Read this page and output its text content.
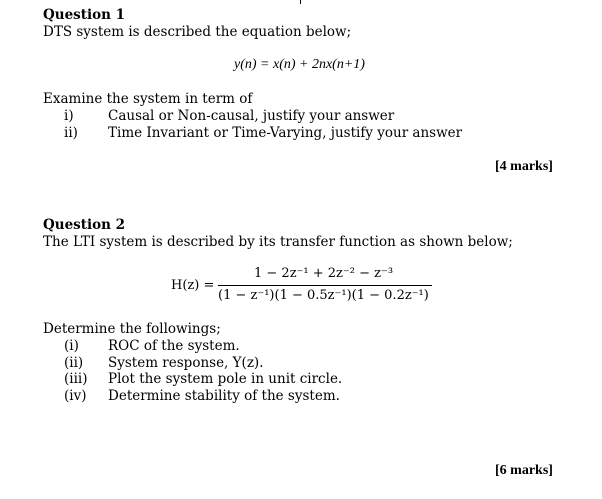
Question 1
DTS system is described the equation below;
y(n) = x(n) + 2nx(n+1)
Examine the system in term of
i)	Causal or Non-causal, justify your answer
ii) Time Invariant or Time-Varying, justify your answer
[4 marks]
Question 2
The LTI system is described by its transfer function as shown below;
H(z) =
1 − 2z⁻¹ + 2z⁻² − z⁻³
(1 − z⁻¹)(1 − 0.5z⁻¹)(1 − 0.2z⁻¹)
Determine the followings;
(i) ROC of the system.
(ii) System response, Y(z).
(iii) Plot the system pole in unit circle.
(iv) Determine stability of the system.
[6 marks]
